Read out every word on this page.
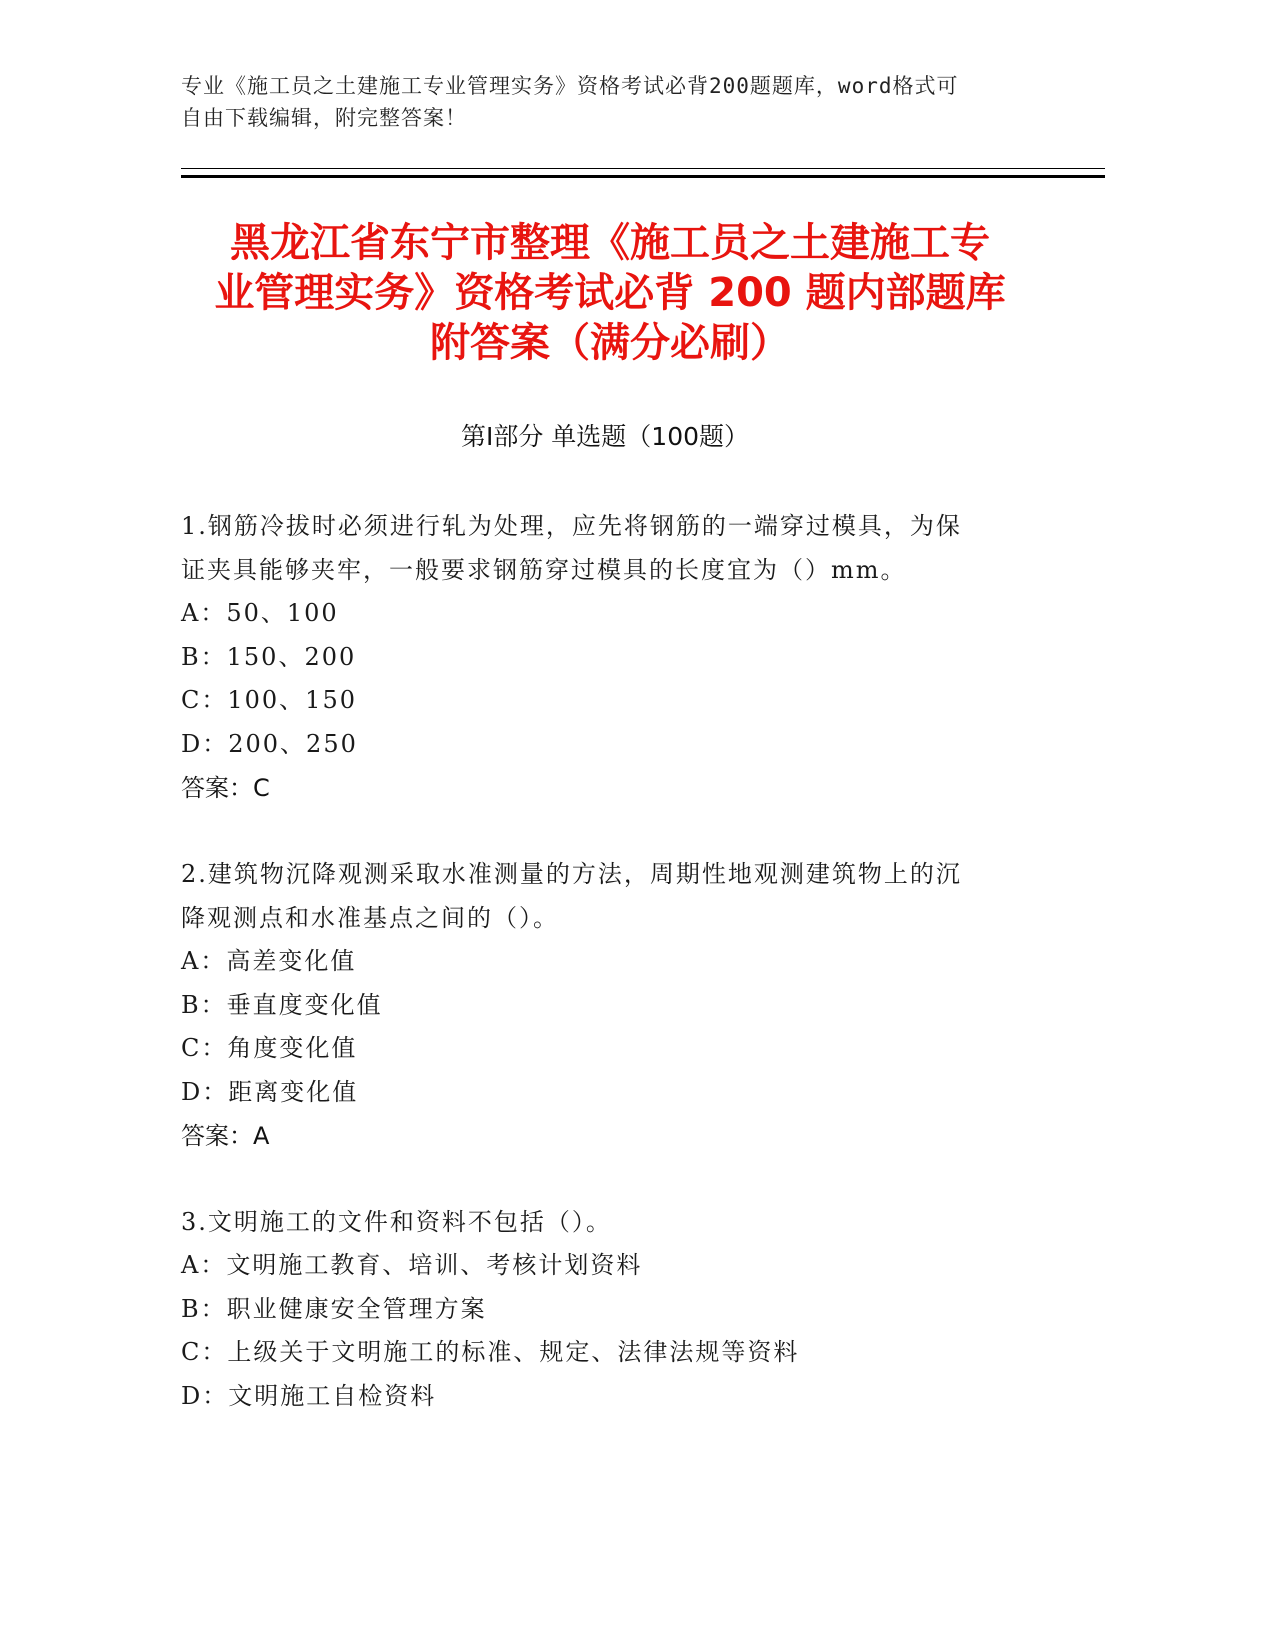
专业《施工员之土建施工专业管理实务》资格考试必背200题题库，word格式可
自由下载编辑，附完整答案！
黑龙江省东宁市整理《施工员之土建施工专
业管理实务》资格考试必背 200 题内部题库
附答案（满分必刷）
第Ⅰ部分 单选题（100题）
1.钢筋冷拔时必须进行轧为处理，应先将钢筋的一端穿过模具，为保
证夹具能够夹牢，一般要求钢筋穿过模具的长度宜为（）mm。
A：50、100
B：150、200
C：100、150
D：200、250
答案：C
2.建筑物沉降观测采取水准测量的方法，周期性地观测建筑物上的沉
降观测点和水准基点之间的（）。
A：高差变化值
B：垂直度变化值
C：角度变化值
D：距离变化值
答案：A
3.文明施工的文件和资料不包括（）。
A：文明施工教育、培训、考核计划资料
B：职业健康安全管理方案
C：上级关于文明施工的标准、规定、法律法规等资料
D：文明施工自检资料
